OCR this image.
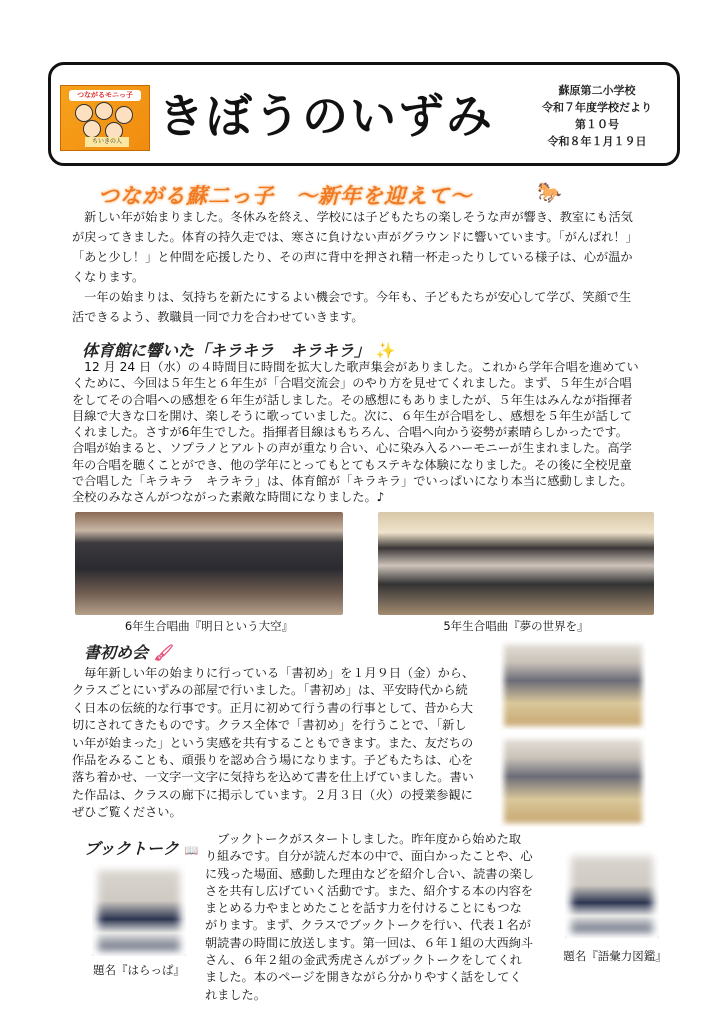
つながるモニっ子
ちいきの人 きぼうのいずみ	蘇原第二小学校
令和７年度学校だより
第１０号
令和８年１月１９日
つながる蘇二っ子　～新年を迎えて～	🐎
　新しい年が始まりました。冬休みを終え、学校には子どもたちの楽しそうな声が響き、教室にも活気
が戻ってきました。体育の持久走では、寒さに負けない声がグラウンドに響いています。「がんばれ！」
「あと少し！」と仲間を応援したり、その声に背中を押され精一杯走ったりしている様子は、心が温か
くなります。
　一年の始まりは、気持ちを新たにするよい機会です。今年も、子どもたちが安心して学び、笑顔で生
活できるよう、教職員一同で力を合わせていきます。
体育館に響いた「キラキラ　キラキラ」 ✨
　12 月 24 日（水）の４時間目に時間を拡大した歌声集会がありました。これから学年合唱を進めてい
くために、今回は５年生と６年生が「合唱交流会」のやり方を見せてくれました。まず、５年生が合唱
をしてその合唱への感想を６年生が話しました。その感想にもありましたが、５年生はみんなが指揮者
目線で大きな口を開け、楽しそうに歌っていました。次に、６年生が合唱をし、感想を５年生が話して
くれました。さすが6年生でした。指揮者目線はもちろん、合唱へ向かう姿勢が素晴らしかったです。
合唱が始まると、ソプラノとアルトの声が重なり合い、心に染み入るハーモニーが生まれました。高学
年の合唱を聴くことができ、他の学年にとってもとてもステキな体験になりました。その後に全校児童
で合唱した「キラキラ　キラキラ」は、体育館が「キラキラ」でいっぱいになり本当に感動しました。
全校のみなさんがつながった素敵な時間になりました。♪
6年生合唱曲『明日という大空』	5年生合唱曲『夢の世界を』
書初め会 🖌
　毎年新しい年の始まりに行っている「書初め」を１月９日（金）から、
クラスごとにいずみの部屋で行いました。「書初め」は、平安時代から続
く日本の伝統的な行事です。正月に初めて行う書の行事として、昔から大
切にされてきたものです。クラス全体で「書初め」を行うことで、「新し
い年が始まった」という実感を共有することもできます。また、友だちの
作品をみることも、頑張りを認め合う場になります。子どもたちは、心を
落ち着かせ、一文字一文字に気持ちを込めて書を仕上げていました。書い
た作品は、クラスの廊下に掲示しています。２月３日（火）の授業参観に
ぜひご覧ください。
ブックトーク 📖
題名『はらっぱ』
　ブックトークがスタートしました。昨年度から始めた取
り組みです。自分が読んだ本の中で、面白かったことや、心
に残った場面、感動した理由などを紹介し合い、読書の楽し
さを共有し広げていく活動です。また、紹介する本の内容を
まとめる力やまとめたことを話す力を付けることにもつな
がります。まず、クラスでブックトークを行い、代表１名が
朝読書の時間に放送します。第一回は、６年１組の大西絢斗
さん、６年２組の金武秀虎さんがブックトークをしてくれ
ました。本のページを開きながら分かりやすく話をしてく
れました。
題名『語彙力図鑑』
